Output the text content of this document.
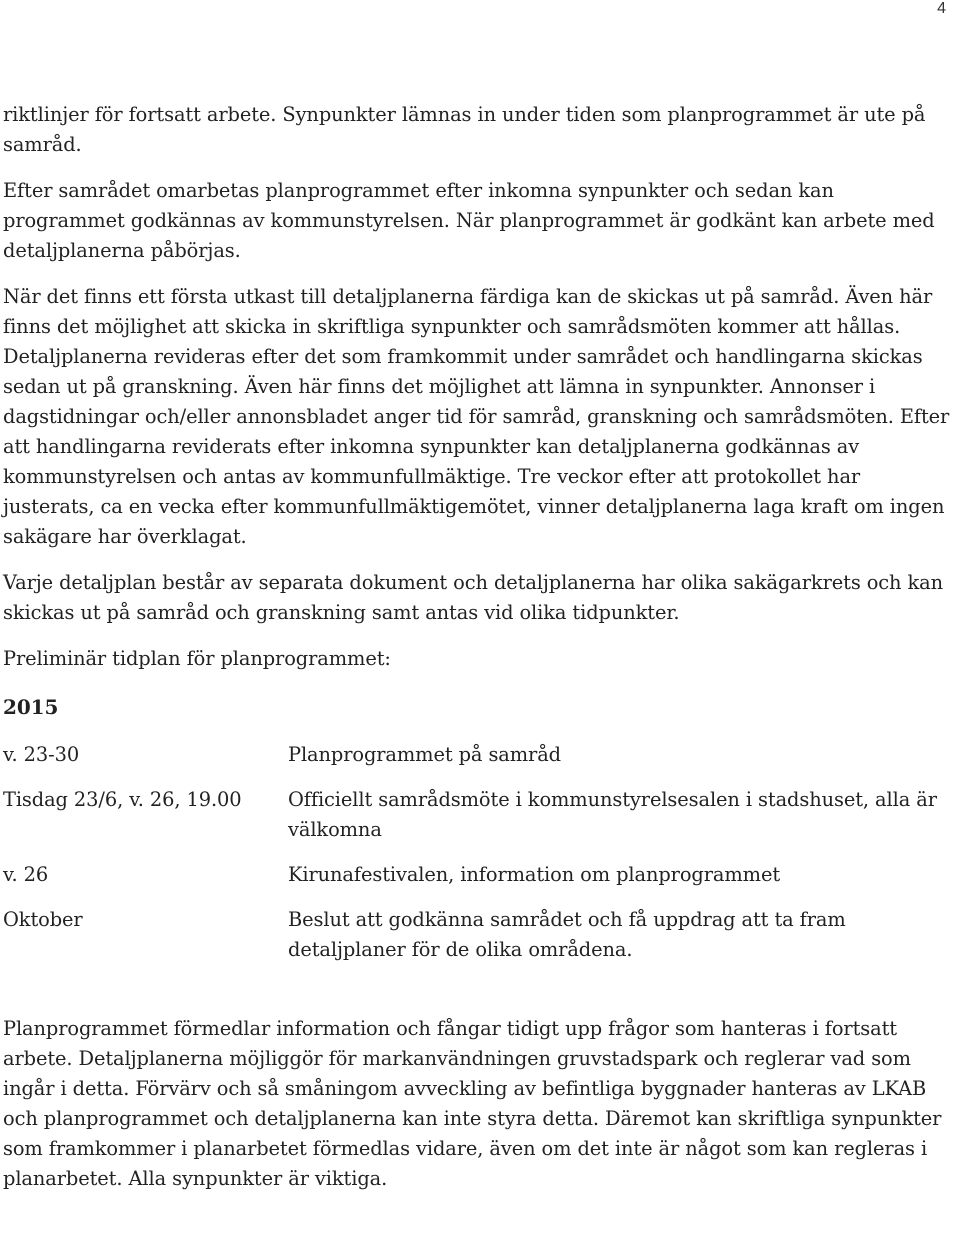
4

riktlinjer för fortsatt arbete. Synpunkter lämnas in under tiden som planprogrammet är ute på samråd.

Efter samrådet omarbetas planprogrammet efter inkomna synpunkter och sedan kan programmet godkännas av kommunstyrelsen. När planprogrammet är godkänt kan arbete med detaljplanerna påbörjas.

När det finns ett första utkast till detaljplanerna färdiga kan de skickas ut på samråd. Även här finns det möjlighet att skicka in skriftliga synpunkter och samrådsmöten kommer att hållas. Detaljplanerna revideras efter det som framkommit under samrådet och handlingarna skickas sedan ut på granskning. Även här finns det möjlighet att lämna in synpunkter. Annonser i dagstidningar och/eller annonsbladet anger tid för samråd, granskning och samrådsmöten. Efter att handlingarna reviderats efter inkomna synpunkter kan detaljplanerna godkännas av kommunstyrelsen och antas av kommunfullmäktige. Tre veckor efter att protokollet har justerats, ca en vecka efter kommunfullmäktigemötet, vinner detaljplanerna laga kraft om ingen sakägare har överklagat.

Varje detaljplan består av separata dokument och detaljplanerna har olika sakägarkrets och kan skickas ut på samråd och granskning samt antas vid olika tidpunkter.

Preliminär tidplan för planprogrammet:

2015
v. 23-30	Planprogrammet på samråd
Tisdag 23/6, v. 26, 19.00	Officiellt samrådsmöte i kommunstyrelsesalen i stadshuset, alla är välkomna
v. 26	Kirunafestivalen, information om planprogrammet
Oktober	Beslut att godkänna samrådet och få uppdrag att ta fram detaljplaner för de olika områdena.

Planprogrammet förmedlar information och fångar tidigt upp frågor som hanteras i fortsatt arbete. Detaljplanerna möjliggör för markanvändningen gruvstadspark och reglerar vad som ingår i detta. Förvärv och så småningom avveckling av befintliga byggnader hanteras av LKAB och planprogrammet och detaljplanerna kan inte styra detta. Däremot kan skriftliga synpunkter som framkommer i planarbetet förmedlas vidare, även om det inte är något som kan regleras i planarbetet. Alla synpunkter är viktiga.
